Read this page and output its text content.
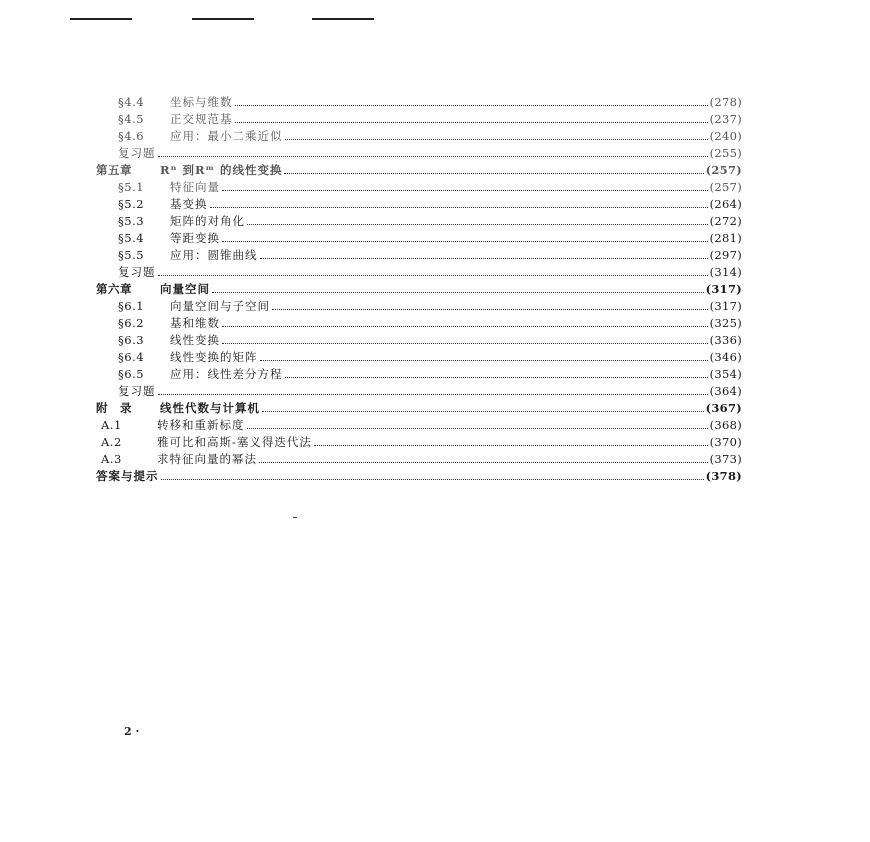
§4.4	坐标与维数	(278)
§4.5	正交规范基	(237)
§4.6	应用：最小二乘近似	(240)
复习题	(255)
第五章	Rⁿ 到Rᵐ 的线性变换	(257)
§5.1	特征向量	(257)
§5.2	基变换	(264)
§5.3	矩阵的对角化	(272)
§5.4	等距变换	(281)
§5.5	应用：圆锥曲线	(297)
复习题	(314)
第六章	向量空间	(317)
§6.1	向量空间与子空间	(317)
§6.2	基和维数	(325)
§6.3	线性变换	(336)
§6.4	线性变换的矩阵	(346)
§6.5	应用：线性差分方程	(354)
复习题	(364)
附　录	线性代数与计算机	(367)
A.1	转移和重新标度	(368)
A.2	雅可比和高斯-塞义得迭代法	(370)
A.3	求特征向量的幂法	(373)
答案与提示	(378)
2 ·
